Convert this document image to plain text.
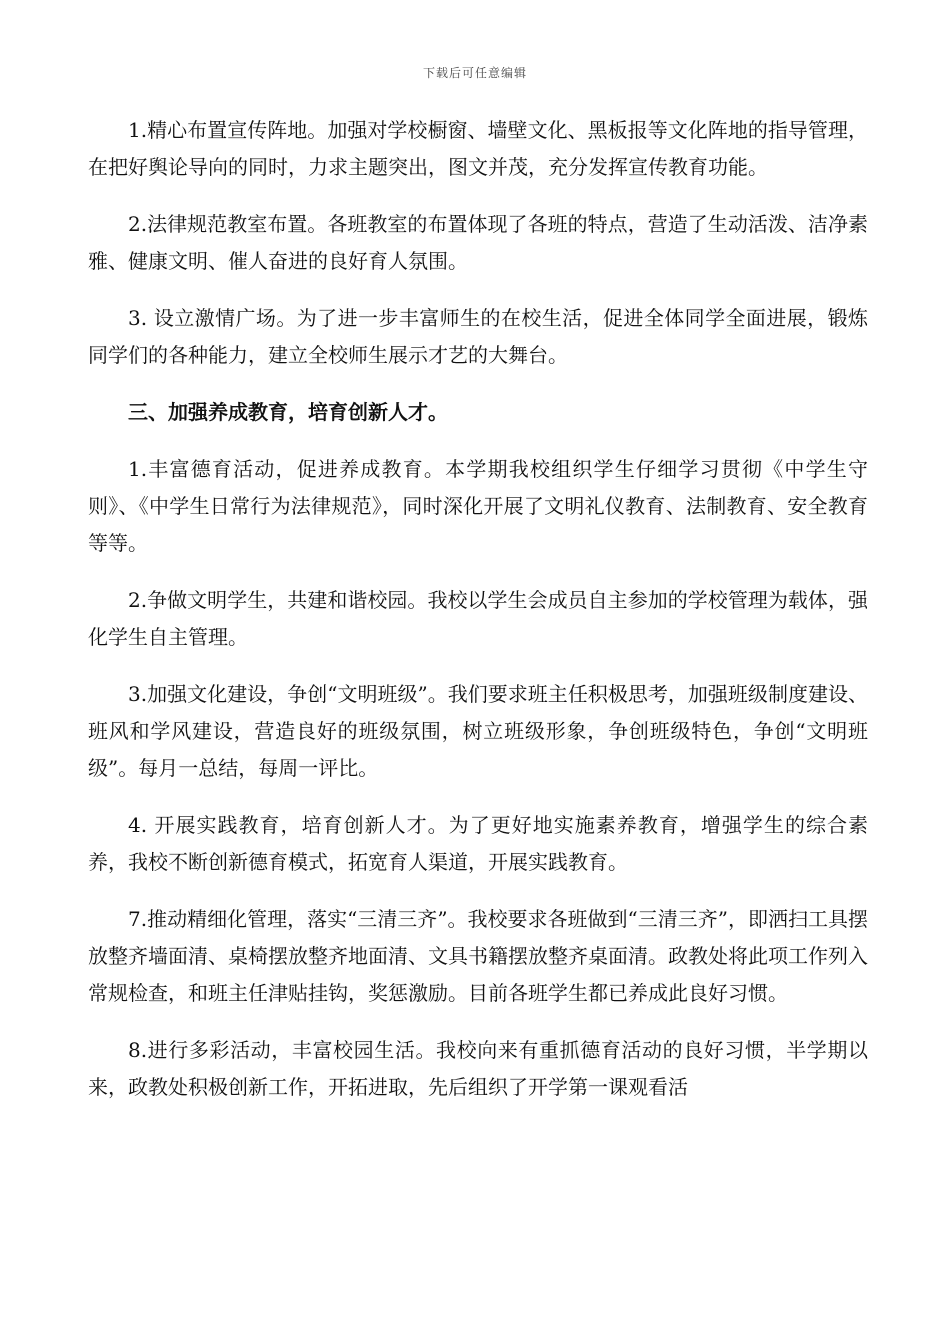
下载后可任意编辑

1.精心布置宣传阵地。加强对学校橱窗、墙壁文化、黑板报等文化阵地的指导管理，在把好舆论导向的同时，力求主题突出，图文并茂，充分发挥宣传教育功能。

2.法律规范教室布置。各班教室的布置体现了各班的特点，营造了生动活泼、洁净素雅、健康文明、催人奋进的良好育人氛围。

3. 设立激情广场。为了进一步丰富师生的在校生活，促进全体同学全面进展，锻炼同学们的各种能力，建立全校师生展示才艺的大舞台。

三、加强养成教育，培育创新人才。

1.丰富德育活动，促进养成教育。本学期我校组织学生仔细学习贯彻《中学生守则》、《中学生日常行为法律规范》，同时深化开展了文明礼仪教育、法制教育、安全教育等等。

2.争做文明学生，共建和谐校园。我校以学生会成员自主参加的学校管理为载体，强化学生自主管理。

3.加强文化建设，争创“文明班级”。我们要求班主任积极思考，加强班级制度建设、班风和学风建设，营造良好的班级氛围，树立班级形象，争创班级特色，争创“文明班级”。每月一总结，每周一评比。

4. 开展实践教育，培育创新人才。为了更好地实施素养教育，增强学生的综合素养，我校不断创新德育模式，拓宽育人渠道，开展实践教育。

7.推动精细化管理，落实“三清三齐”。我校要求各班做到“三清三齐”，即洒扫工具摆放整齐墙面清、桌椅摆放整齐地面清、文具书籍摆放整齐桌面清。政教处将此项工作列入常规检查，和班主任津贴挂钩，奖惩激励。目前各班学生都已养成此良好习惯。

8.进行多彩活动，丰富校园生活。我校向来有重抓德育活动的良好习惯，半学期以来，政教处积极创新工作，开拓进取，先后组织了开学第一课观看活
